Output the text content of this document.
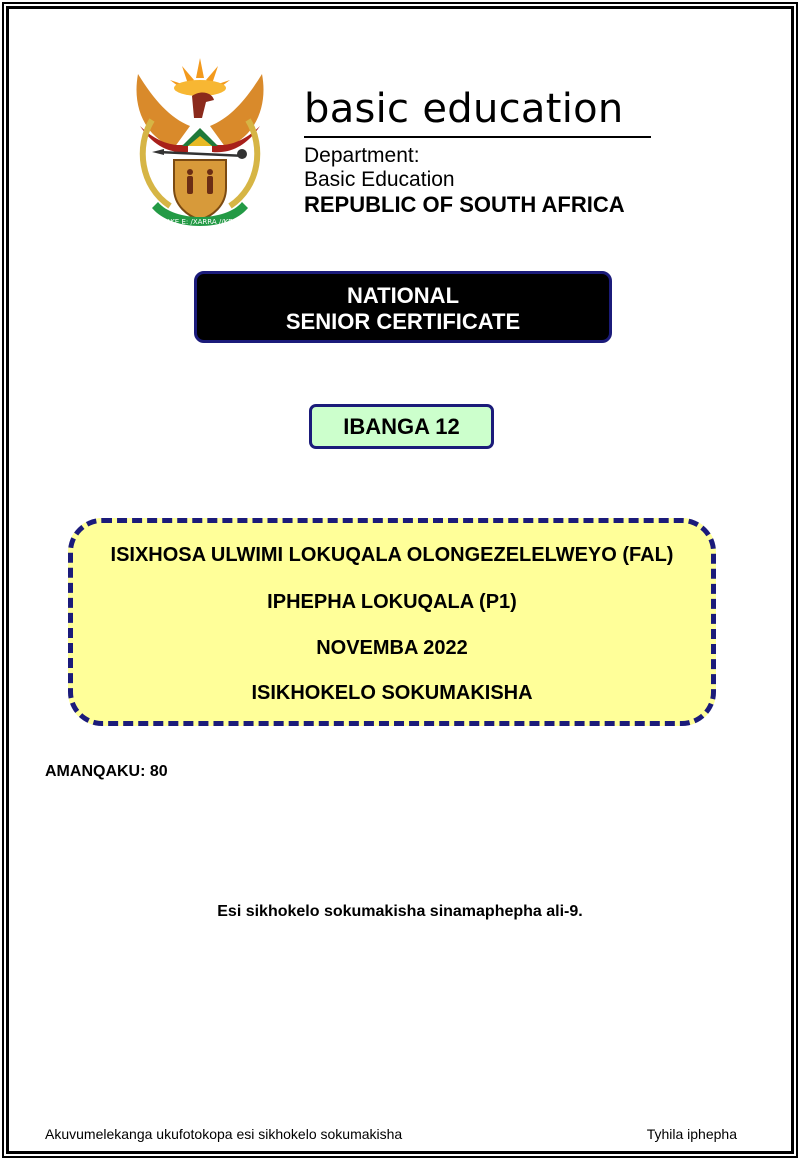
!KE E: /XARRA //KE
basic education
Department:
Basic Education
REPUBLIC OF SOUTH AFRICA
NATIONAL
SENIOR CERTIFICATE
IBANGA 12
ISIXHOSA ULWIMI LOKUQALA OLONGEZELELWEYO (FAL)
IPHEPHA LOKUQALA (P1)
NOVEMBA 2022
ISIKHOKELO SOKUMAKISHA
AMANQAKU: 80
Esi sikhokelo sokumakisha sinamaphepha ali-9.
Akuvumelekanga ukufotokopa esi sikhokelo sokumakisha	Tyhila iphepha
